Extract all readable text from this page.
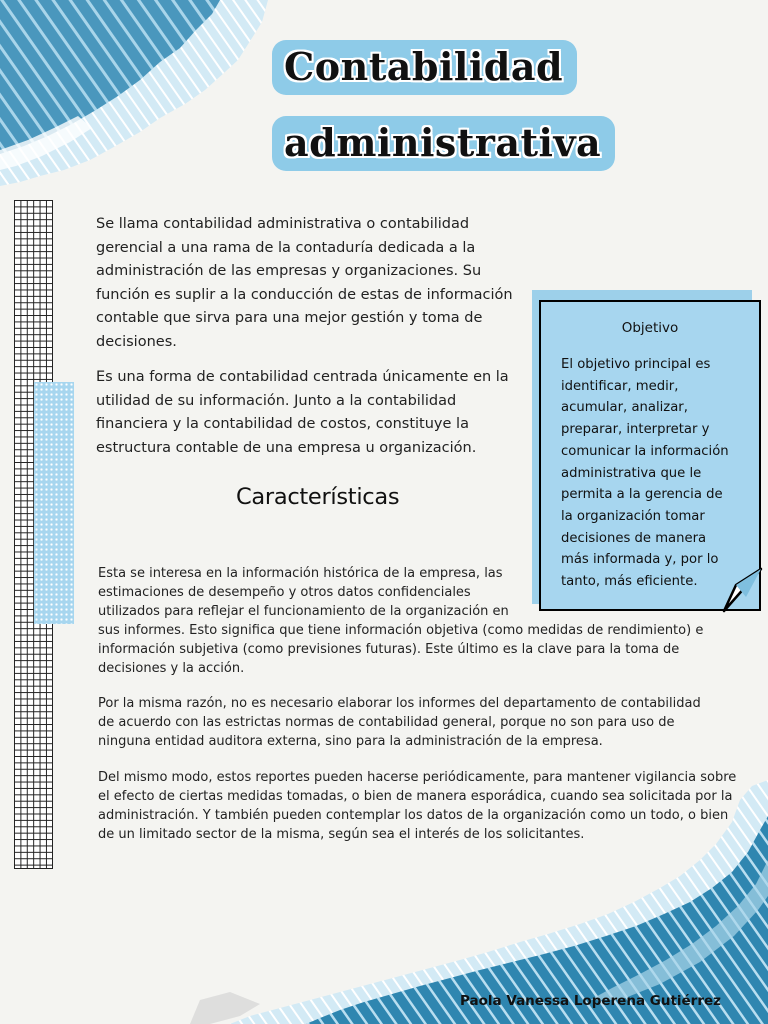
Contabilidad
administrativa

Se llama contabilidad administrativa o contabilidad gerencial a una rama de la contaduría dedicada a la administración de las empresas y organizaciones. Su función es suplir a la conducción de estas de información contable que sirva para una mejor gestión y toma de decisiones.

Es una forma de contabilidad centrada únicamente en la utilidad de su información. Junto a la contabilidad financiera y la contabilidad de costos, constituye la estructura contable de una empresa u organización.

Características

Esta se interesa en la información histórica de la empresa, las estimaciones de desempeño y otros datos confidenciales utilizados para reflejar el funcionamiento de la organización en

sus informes. Esto significa que tiene información objetiva (como medidas de rendimiento) e información subjetiva (como previsiones futuras). Este último es la clave para la toma de decisiones y la acción.

Por la misma razón, no es necesario elaborar los informes del departamento de contabilidad de acuerdo con las estrictas normas de contabilidad general, porque no son para uso de ninguna entidad auditora externa, sino para la administración de la empresa.

Del mismo modo, estos reportes pueden hacerse periódicamente, para mantener vigilancia sobre el efecto de ciertas medidas tomadas, o bien de manera esporádica, cuando sea solicitada por la administración. Y también pueden contemplar los datos de la organización como un todo, o bien de un limitado sector de la misma, según sea el interés de los solicitantes.

Objetivo

El objetivo principal es identificar, medir, acumular, analizar, preparar, interpretar y comunicar la información administrativa que le permita a la gerencia de la organización tomar decisiones de manera más informada y, por lo tanto, más eficiente.

Paola Vanessa Loperena Gutiérrez
